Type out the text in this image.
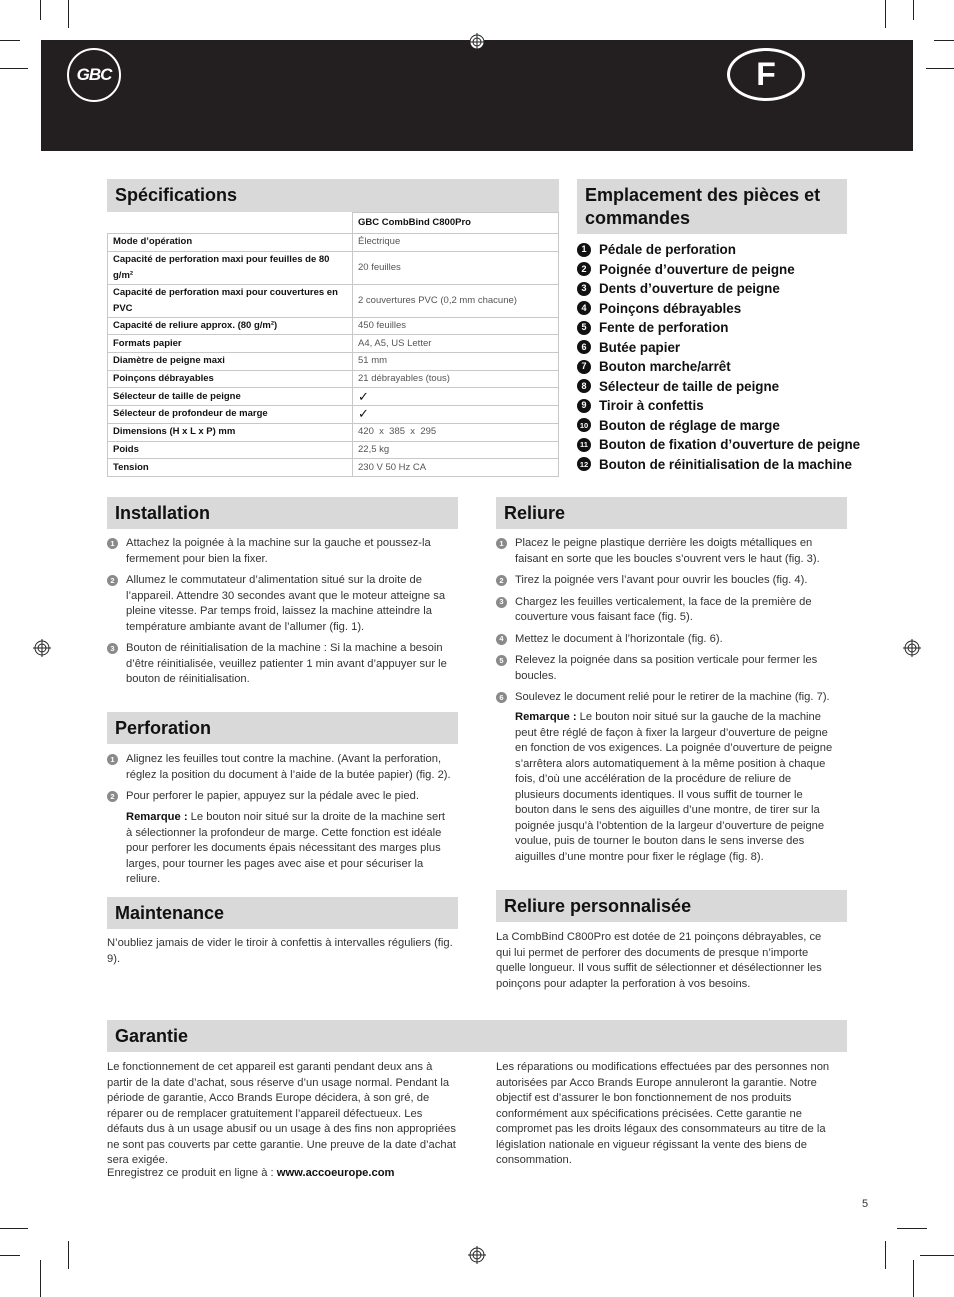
GBC	F
Spécifications
	GBC CombBind C800Pro
Mode d’opération	Électrique
Capacité de perforation maxi pour feuilles de 80 g/m²	20 feuilles
Capacité de perforation maxi pour couvertures en PVC	2 couvertures PVC (0,2 mm chacune)
Capacité de reliure approx. (80 g/m²)	450 feuilles
Formats papier	A4, A5, US Letter
Diamètre de peigne maxi	51 mm
Poinçons débrayables	21 débrayables (tous)
Sélecteur de taille de peigne	✓
Sélecteur de profondeur de marge	✓
Dimensions (H x L x P) mm	420  x  385  x  295
Poids	22,5 kg
Tension	230 V 50 Hz CA
Emplacement des pièces et commandes
1 Pédale de perforation
2 Poignée d’ouverture de peigne
3 Dents d’ouverture de peigne
4 Poinçons débrayables
5 Fente de perforation
6 Butée papier
7 Bouton marche/arrêt
8 Sélecteur de taille de peigne
9 Tiroir à confettis
10 Bouton de réglage de marge
11 Bouton de fixation d’ouverture de peigne
12 Bouton de réinitialisation de la machine
Installation
1	Attachez la poignée à la machine sur la gauche et poussez-la fermement pour bien la fixer.
2	Allumez le commutateur d’alimentation situé sur la droite de l’appareil. Attendre 30 secondes avant que le moteur atteigne sa pleine vitesse. Par temps froid, laissez la machine atteindre la température ambiante avant de l’allumer (fig. 1).
3	Bouton de réinitialisation de la machine : Si la machine a besoin d’être réinitialisée, veuillez patienter 1 min avant d’appuyer sur le bouton de réinitialisation.
Perforation
1	Alignez les feuilles tout contre la machine. (Avant la perforation, réglez la position du document à l’aide de la butée papier) (fig. 2).
2	Pour perforer le papier, appuyez sur la pédale avec le pied.
Remarque : Le bouton noir situé sur la droite de la machine sert à sélectionner la profondeur de marge. Cette fonction est idéale pour perforer les documents épais nécessitant des marges plus larges, pour tourner les pages avec aise et pour sécuriser la reliure.
Maintenance

N’oubliez jamais de vider le tiroir à confettis à intervalles réguliers (fig. 9).

Reliure
1	Placez le peigne plastique derrière les doigts métalliques en faisant en sorte que les boucles s’ouvrent vers le haut (fig. 3).
2	Tirez la poignée vers l’avant pour ouvrir les boucles (fig. 4).
3	Chargez les feuilles verticalement, la face de la première de couverture vous faisant face (fig. 5).
4	Mettez le document à l’horizontale (fig. 6).
5	Relevez la poignée dans sa position verticale pour fermer les boucles.
6	Soulevez le document relié pour le retirer de la machine (fig. 7).
Remarque : Le bouton noir situé sur la gauche de la machine peut être réglé de façon à fixer la largeur d’ouverture de peigne en fonction de vos exigences. La poignée d’ouverture de peigne s’arrêtera alors automatiquement à la même position à chaque fois, d’où une accélération de la procédure de reliure de plusieurs documents identiques. Il vous suffit de tourner le bouton dans le sens des aiguilles d’une montre, de tirer sur la poignée jusqu’à l’obtention de la largeur d’ouverture de peigne voulue, puis de tourner le bouton dans le sens inverse des aiguilles d’une montre pour fixer le réglage (fig. 8).
Reliure personnalisée

La CombBind C800Pro est dotée de 21 poinçons débrayables, ce qui lui permet de perforer des documents de presque n’importe quelle longueur. Il vous suffit de sélectionner et désélectionner les poinçons pour adapter la perforation à vos besoins.

Garantie

Le fonctionnement de cet appareil est garanti pendant deux ans à partir de la date d’achat, sous réserve d’un usage normal. Pendant la période de garantie, Acco Brands Europe décidera, à son gré, de réparer ou de remplacer gratuitement l’appareil défectueux. Les défauts dus à un usage abusif ou un usage à des fins non appropriées ne sont pas couverts par cette garantie. Une preuve de la date d’achat sera exigée.

Les réparations ou modifications effectuées par des personnes non autorisées par Acco Brands Europe annuleront la garantie. Notre objectif est d’assurer le bon fonctionnement de nos produits conformément aux spécifications précisées. Cette garantie ne compromet pas les droits légaux des consommateurs au titre de la législation nationale en vigueur régissant la vente des biens de consommation.

Enregistrez ce produit en ligne à : www.accoeurope.com

5
